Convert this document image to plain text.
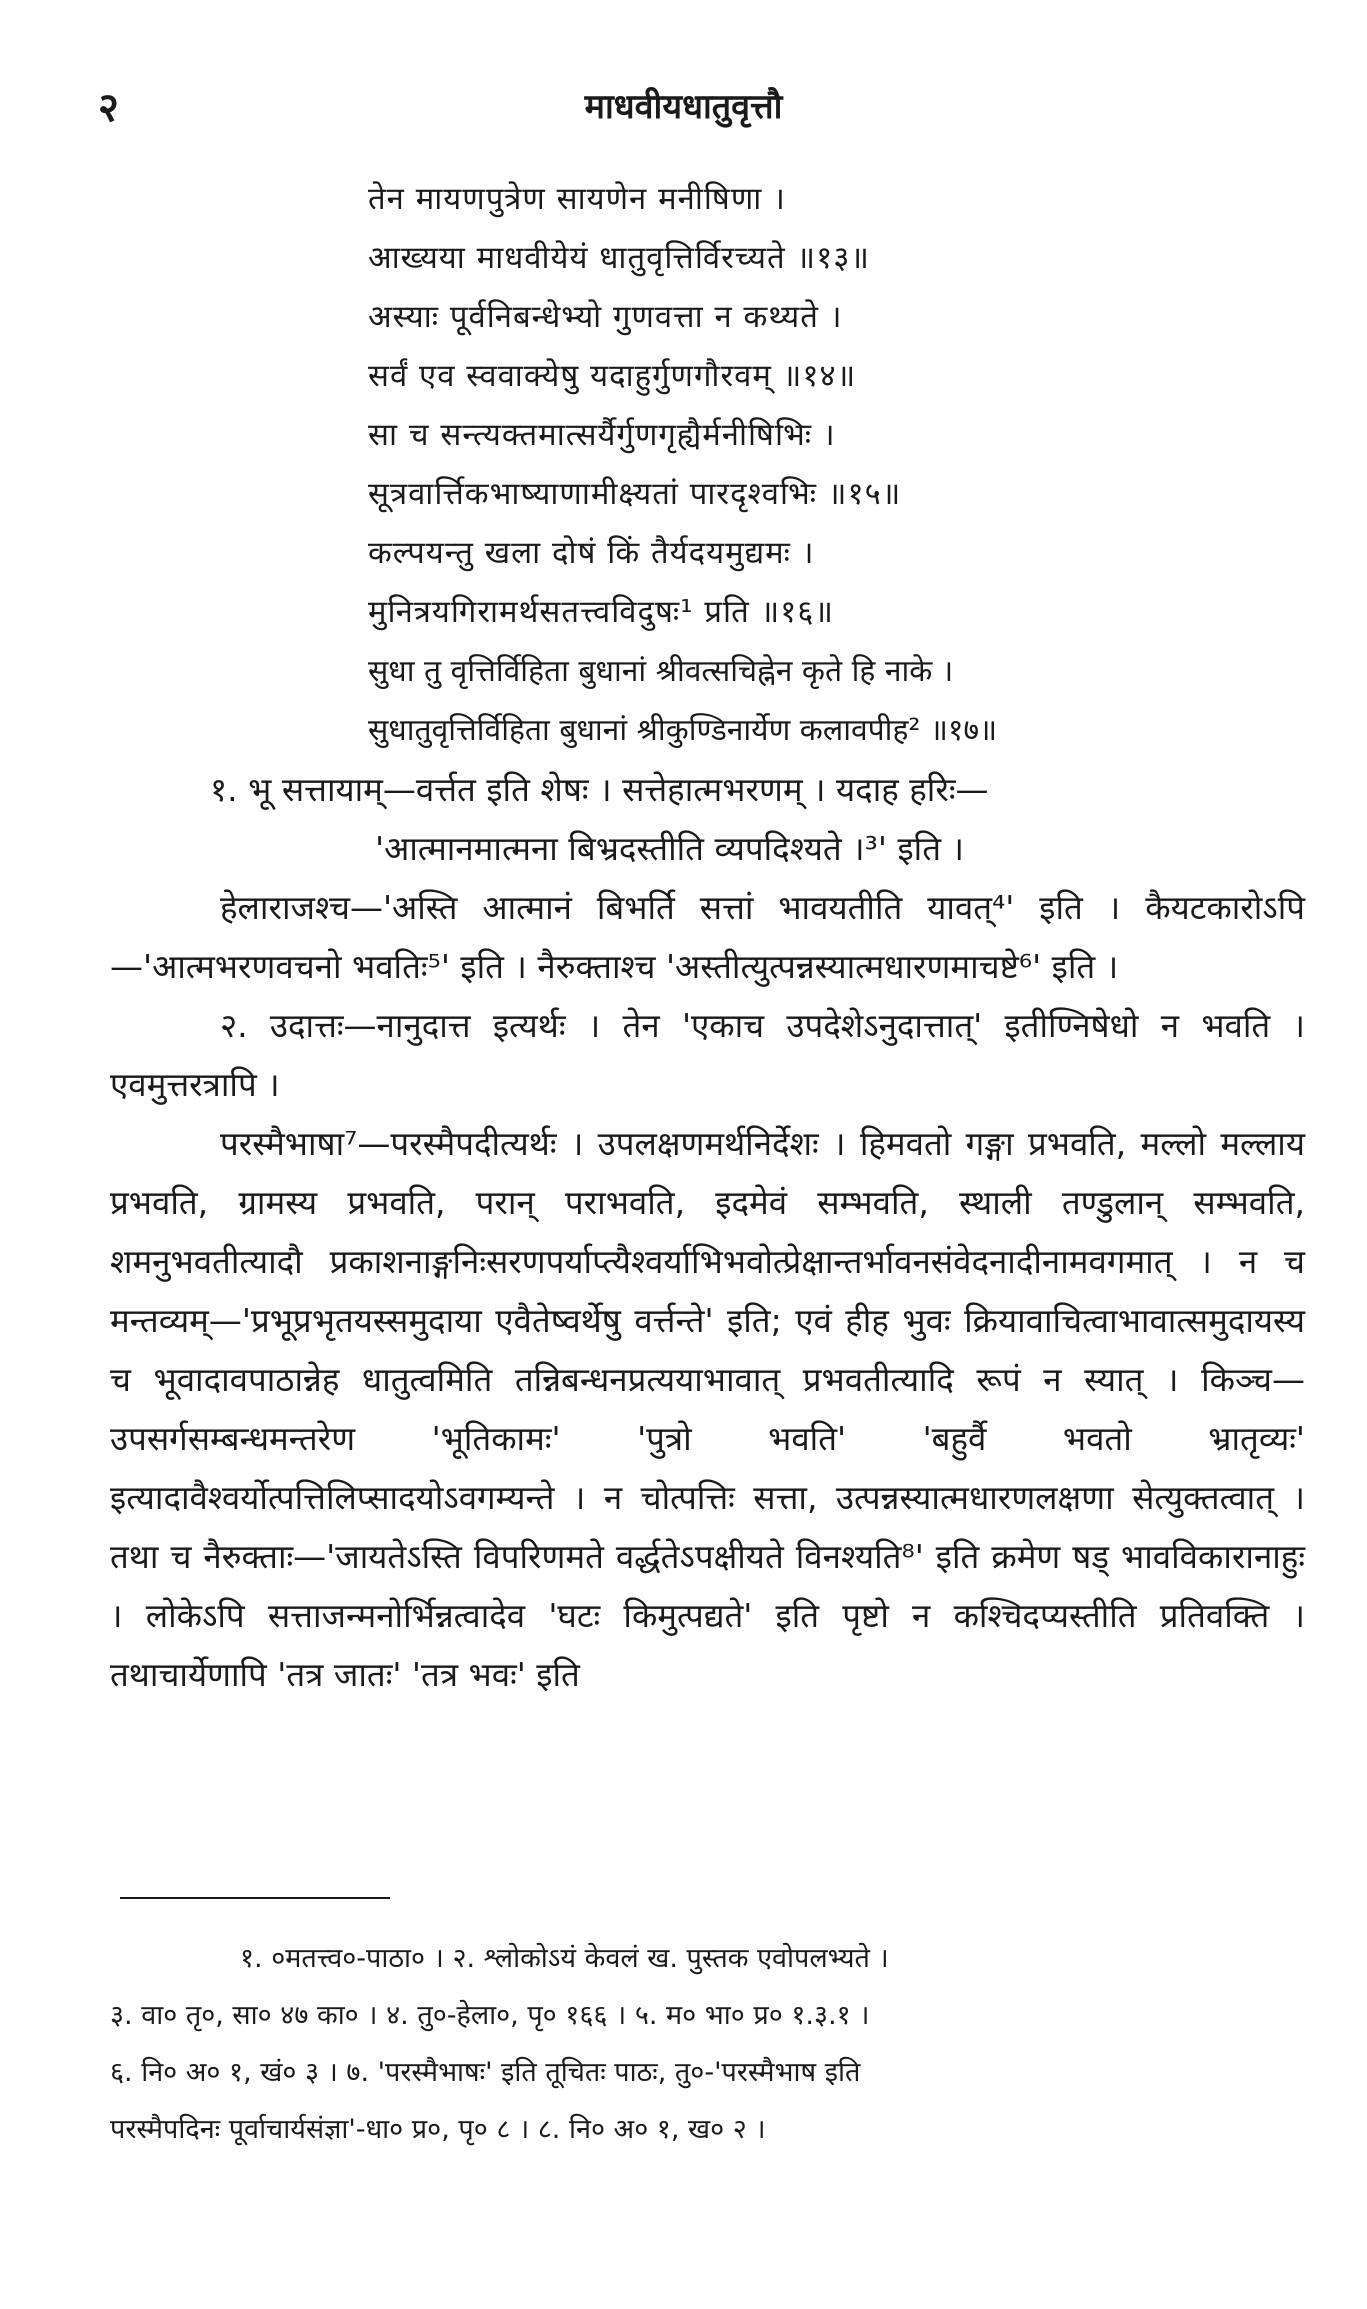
२	माधवीयधातुवृत्तौ
तेन मायणपुत्रेण सायणेन मनीषिणा ।
आख्यया माधवीयेयं धातुवृत्तिर्विरच्यते ॥१३॥
अस्याः पूर्वनिबन्धेभ्यो गुणवत्ता न कथ्यते ।
सर्वं एव स्ववाक्येषु यदाहुर्गुणगौरवम् ॥१४॥
सा च सन्त्यक्तमात्सर्यैर्गुणगृह्यैर्मनीषिभिः ।
सूत्रवार्त्तिकभाष्याणामीक्ष्यतां पारदृश्वभिः ॥१५॥
कल्पयन्तु खला दोषं किं तैर्यदयमुद्यमः ।
मुनित्रयगिरामर्थसतत्त्वविदुषः¹ प्रति ॥१६॥
सुधा तु वृत्तिर्विहिता बुधानां श्रीवत्सचिह्नेन कृते हि नाके ।
सुधातुवृत्तिर्विहिता बुधानां श्रीकुण्डिनार्येण कलावपीह² ॥१७॥

१. भू सत्तायाम्—वर्त्तत इति शेषः । सत्तेहात्मभरणम् । यदाह हरिः—

'आत्मानमात्मना बिभ्रदस्तीति व्यपदिश्यते ।³' इति ।

हेलाराजश्च—'अस्ति आत्मानं बिभर्ति सत्तां भावयतीति यावत्⁴' इति । कैयटकारोऽपि—'आत्मभरणवचनो भवतिः⁵' इति । नैरुक्ताश्च 'अस्तीत्युत्पन्नस्यात्मधारणमाचष्टे⁶' इति ।

२. उदात्तः—नानुदात्त इत्यर्थः । तेन 'एकाच उपदेशेऽनुदात्तात्' इतीण्निषेधो न भवति । एवमुत्तरत्रापि ।

परस्मैभाषा⁷—परस्मैपदीत्यर्थः । उपलक्षणमर्थनिर्देशः । हिमवतो गङ्गा प्रभवति, मल्लो मल्लाय प्रभवति, ग्रामस्य प्रभवति, परान् पराभवति, इदमेवं सम्भवति, स्थाली तण्डुलान् सम्भवति, शमनुभवतीत्यादौ प्रकाशनाङ्गनिःसरणपर्याप्त्यैश्वर्याभिभवोत्प्रेक्षान्तर्भावनसंवेदनादीनामवगमात् । न च मन्तव्यम्—'प्रभूप्रभृतयस्समुदाया एवैतेष्वर्थेषु वर्त्तन्ते' इति; एवं हीह भुवः क्रियावाचित्वाभावात्समुदायस्य च भूवादावपाठान्नेह धातुत्वमिति तन्निबन्धनप्रत्ययाभावात् प्रभवतीत्यादि रूपं न स्यात् । किञ्च—उपसर्गसम्बन्धमन्तरेण 'भूतिकामः' 'पुत्रो भवति' 'बहुर्वै भवतो भ्रातृव्यः' इत्यादावैश्वर्योत्पत्तिलिप्सादयोऽवगम्यन्ते । न चोत्पत्तिः सत्ता, उत्पन्नस्यात्मधारणलक्षणा सेत्युक्तत्वात् । तथा च नैरुक्ताः—'जायतेऽस्ति विपरिणमते वर्द्धतेऽपक्षीयते विनश्यति⁸' इति क्रमेण षड् भावविकारानाहुः । लोकेऽपि सत्ताजन्मनोर्भिन्नत्वादेव 'घटः किमुत्पद्यते' इति पृष्टो न कश्चिदप्यस्तीति प्रतिवक्ति । तथाचार्येणापि 'तत्र जातः' 'तत्र भवः' इति

१. ०मतत्त्व०-पाठा० । २. श्लोकोऽयं केवलं ख. पुस्तक एवोपलभ्यते ।
३. वा० तृ०, सा० ४७ का० । ४. तु०-हेला०, पृ० १६६ । ५. म० भा० प्र० १.३.१ ।
६. नि० अ० १, खं० ३ । ७. 'परस्मैभाषः' इति तूचितः पाठः, तु०-'परस्मैभाष इति
परस्मैपदिनः पूर्वाचार्यसंज्ञा'-धा० प्र०, पृ० ८ । ८. नि० अ० १, ख० २ ।
